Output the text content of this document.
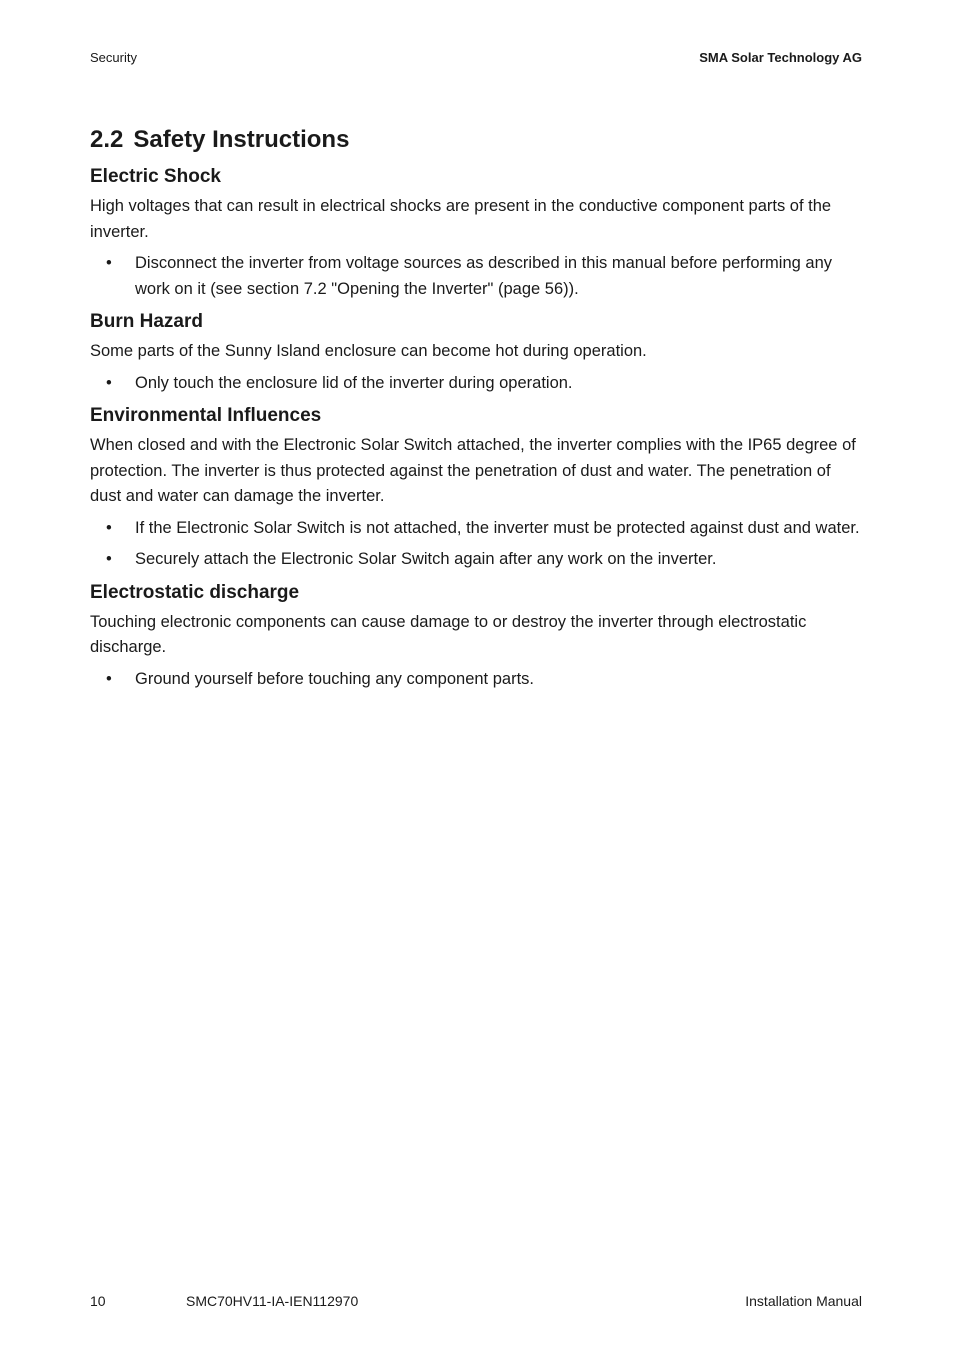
Security	SMA Solar Technology AG
2.2 Safety Instructions
Electric Shock

High voltages that can result in electrical shocks are present in the conductive component parts of the inverter.

• Disconnect the inverter from voltage sources as described in this manual before performing any work on it (see section 7.2 "Opening the Inverter" (page 56)).
Burn Hazard

Some parts of the Sunny Island enclosure can become hot during operation.

• Only touch the enclosure lid of the inverter during operation.
Environmental Influences

When closed and with the Electronic Solar Switch attached, the inverter complies with the IP65 degree of protection. The inverter is thus protected against the penetration of dust and water. The penetration of dust and water can damage the inverter.

• If the Electronic Solar Switch is not attached, the inverter must be protected against dust and water.
• Securely attach the Electronic Solar Switch again after any work on the inverter.
Electrostatic discharge

Touching electronic components can cause damage to or destroy the inverter through electrostatic discharge.

• Ground yourself before touching any component parts.
10	SMC70HV11-IA-IEN112970	Installation Manual
